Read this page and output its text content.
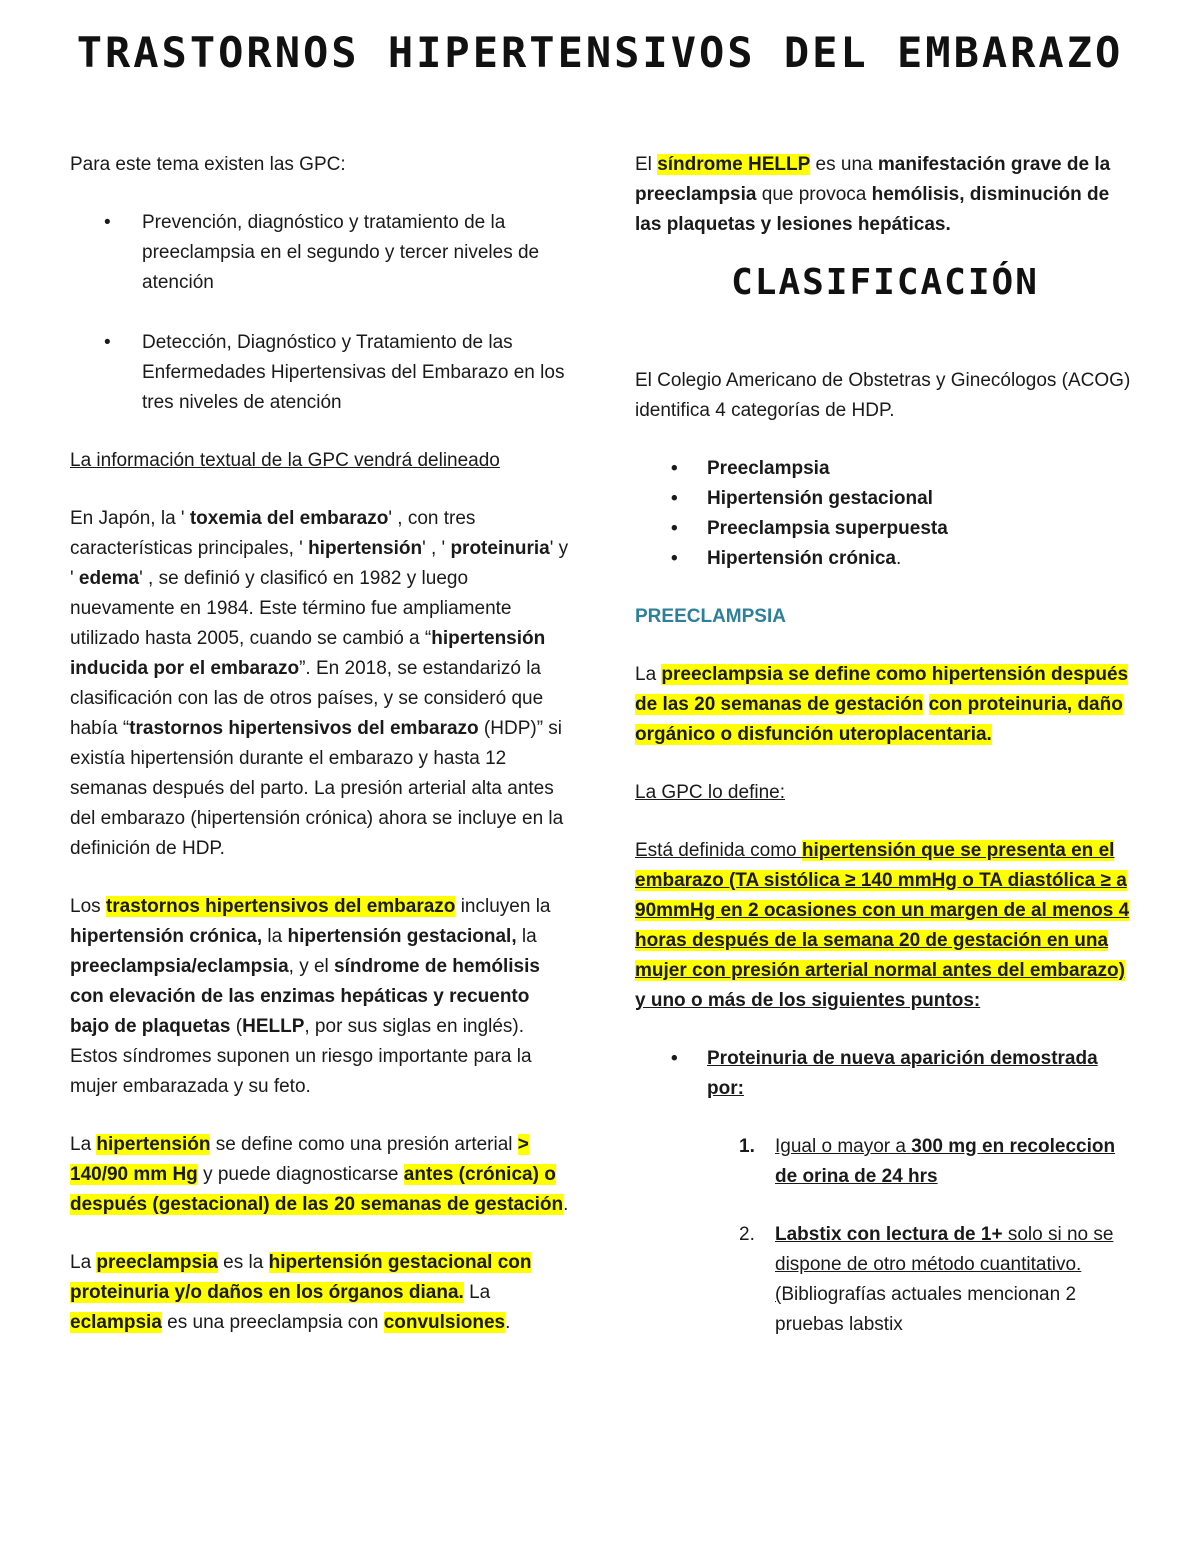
TRASTORNOS HIPERTENSIVOS DEL EMBARAZO

Para este tema existen las GPC:

• Prevención, diagnóstico y tratamiento de la preeclampsia en el segundo y tercer niveles de atención
• Detección, Diagnóstico y Tratamiento de las Enfermedades Hipertensivas del Embarazo en los tres niveles de atención

La información textual de la GPC vendrá delineado

En Japón, la ' toxemia del embarazo' , con tres características principales, ' hipertensión' , ' proteinuria' y ' edema' , se definió y clasificó en 1982 y luego nuevamente en 1984. Este término fue ampliamente utilizado hasta 2005, cuando se cambió a “hipertensión inducida por el embarazo”. En 2018, se estandarizó la clasificación con las de otros países, y se consideró que había “trastornos hipertensivos del embarazo (HDP)” si existía hipertensión durante el embarazo y hasta 12 semanas después del parto. La presión arterial alta antes del embarazo (hipertensión crónica) ahora se incluye en la definición de HDP.

Los trastornos hipertensivos del embarazo incluyen la hipertensión crónica, la hipertensión gestacional, la preeclampsia/eclampsia, y el síndrome de hemólisis con elevación de las enzimas hepáticas y recuento bajo de plaquetas (HELLP, por sus siglas en inglés). Estos síndromes suponen un riesgo importante para la mujer embarazada y su feto.

La hipertensión se define como una presión arterial > 140/90 mm Hg y puede diagnosticarse antes (crónica) o después (gestacional) de las 20 semanas de gestación.

La preeclampsia es la hipertensión gestacional con proteinuria y/o daños en los órganos diana. La eclampsia es una preeclampsia con convulsiones.

El síndrome HELLP es una manifestación grave de la preeclampsia que provoca hemólisis, disminución de las plaquetas y lesiones hepáticas.

CLASIFICACIÓN

El Colegio Americano de Obstetras y Ginecólogos (ACOG) identifica 4 categorías de HDP.

• Preeclampsia
• Hipertensión gestacional
• Preeclampsia superpuesta
• Hipertensión crónica.
PREECLAMPSIA

La preeclampsia se define como hipertensión después de las 20 semanas de gestación con proteinuria, daño orgánico o disfunción uteroplacentaria.

La GPC lo define:

Está definida como hipertensión que se presenta en el embarazo (TA sistólica ≥ 140 mmHg o TA diastólica ≥ a 90mmHg en 2 ocasiones con un margen de al menos 4 horas después de la semana 20 de gestación en una mujer con presión arterial normal antes del embarazo) y uno o más de los siguientes puntos:

• Proteinuria de nueva aparición demostrada por:
1. Igual o mayor a 300 mg en recoleccion de orina de 24 hrs
2. Labstix con lectura de 1+ solo si no se dispone de otro método cuantitativo. (Bibliografías actuales mencionan 2 pruebas labstix
